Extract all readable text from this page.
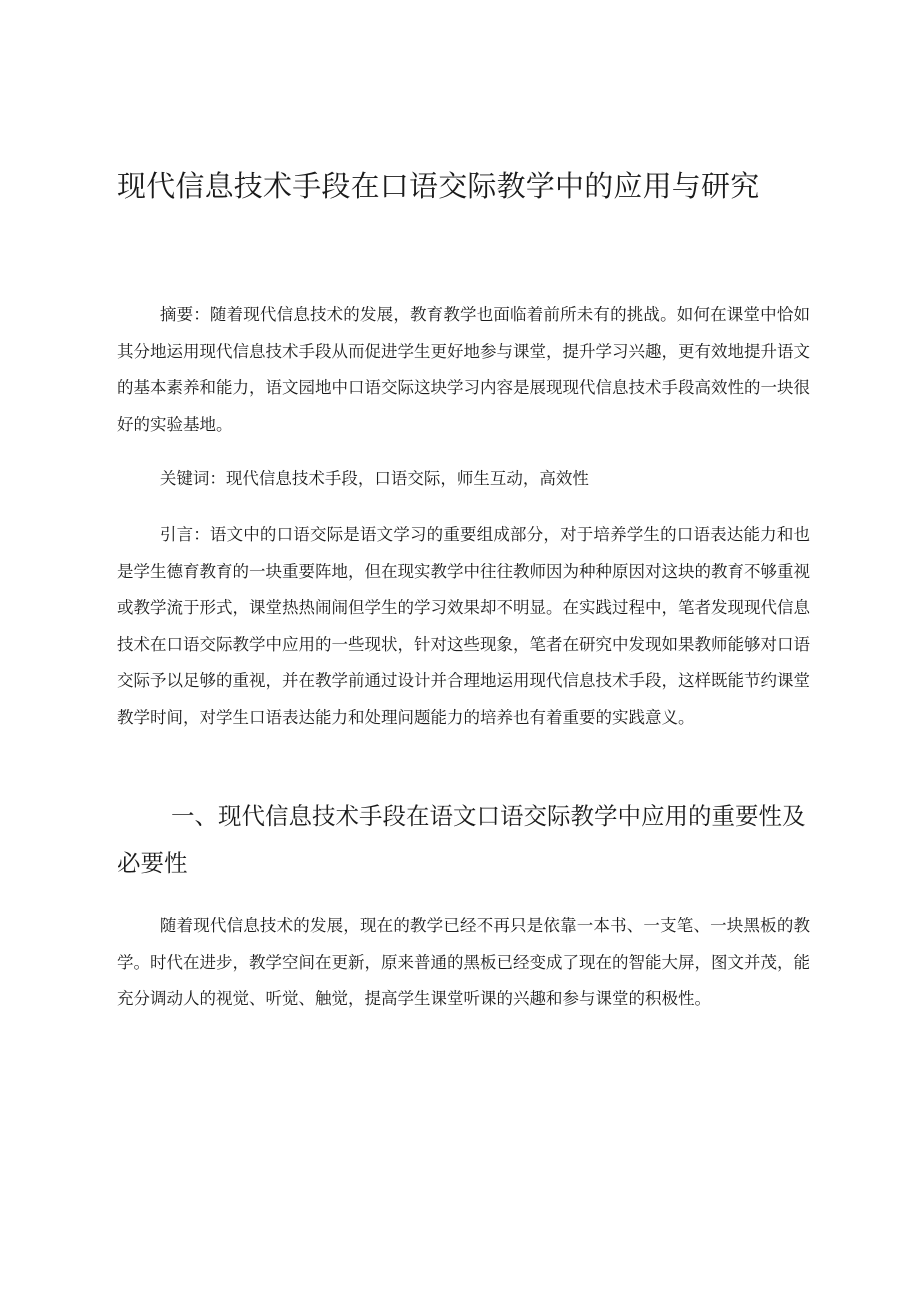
现代信息技术手段在口语交际教学中的应用与研究

摘要：随着现代信息技术的发展，教育教学也面临着前所未有的挑战。如何在课堂中恰如其分地运用现代信息技术手段从而促进学生更好地参与课堂，提升学习兴趣，更有效地提升语文的基本素养和能力，语文园地中口语交际这块学习内容是展现现代信息技术手段高效性的一块很好的实验基地。

关键词：现代信息技术手段，口语交际，师生互动，高效性

引言：语文中的口语交际是语文学习的重要组成部分，对于培养学生的口语表达能力和也是学生德育教育的一块重要阵地，但在现实教学中往往教师因为种种原因对这块的教育不够重视或教学流于形式，课堂热热闹闹但学生的学习效果却不明显。在实践过程中，笔者发现现代信息技术在口语交际教学中应用的一些现状，针对这些现象，笔者在研究中发现如果教师能够对口语交际予以足够的重视，并在教学前通过设计并合理地运用现代信息技术手段，这样既能节约课堂教学时间，对学生口语表达能力和处理问题能力的培养也有着重要的实践意义。

一、现代信息技术手段在语文口语交际教学中应用的重要性及必要性

随着现代信息技术的发展，现在的教学已经不再只是依靠一本书、一支笔、一块黑板的教学。时代在进步，教学空间在更新，原来普通的黑板已经变成了现在的智能大屏，图文并茂，能充分调动人的视觉、听觉、触觉，提高学生课堂听课的兴趣和参与课堂的积极性。
